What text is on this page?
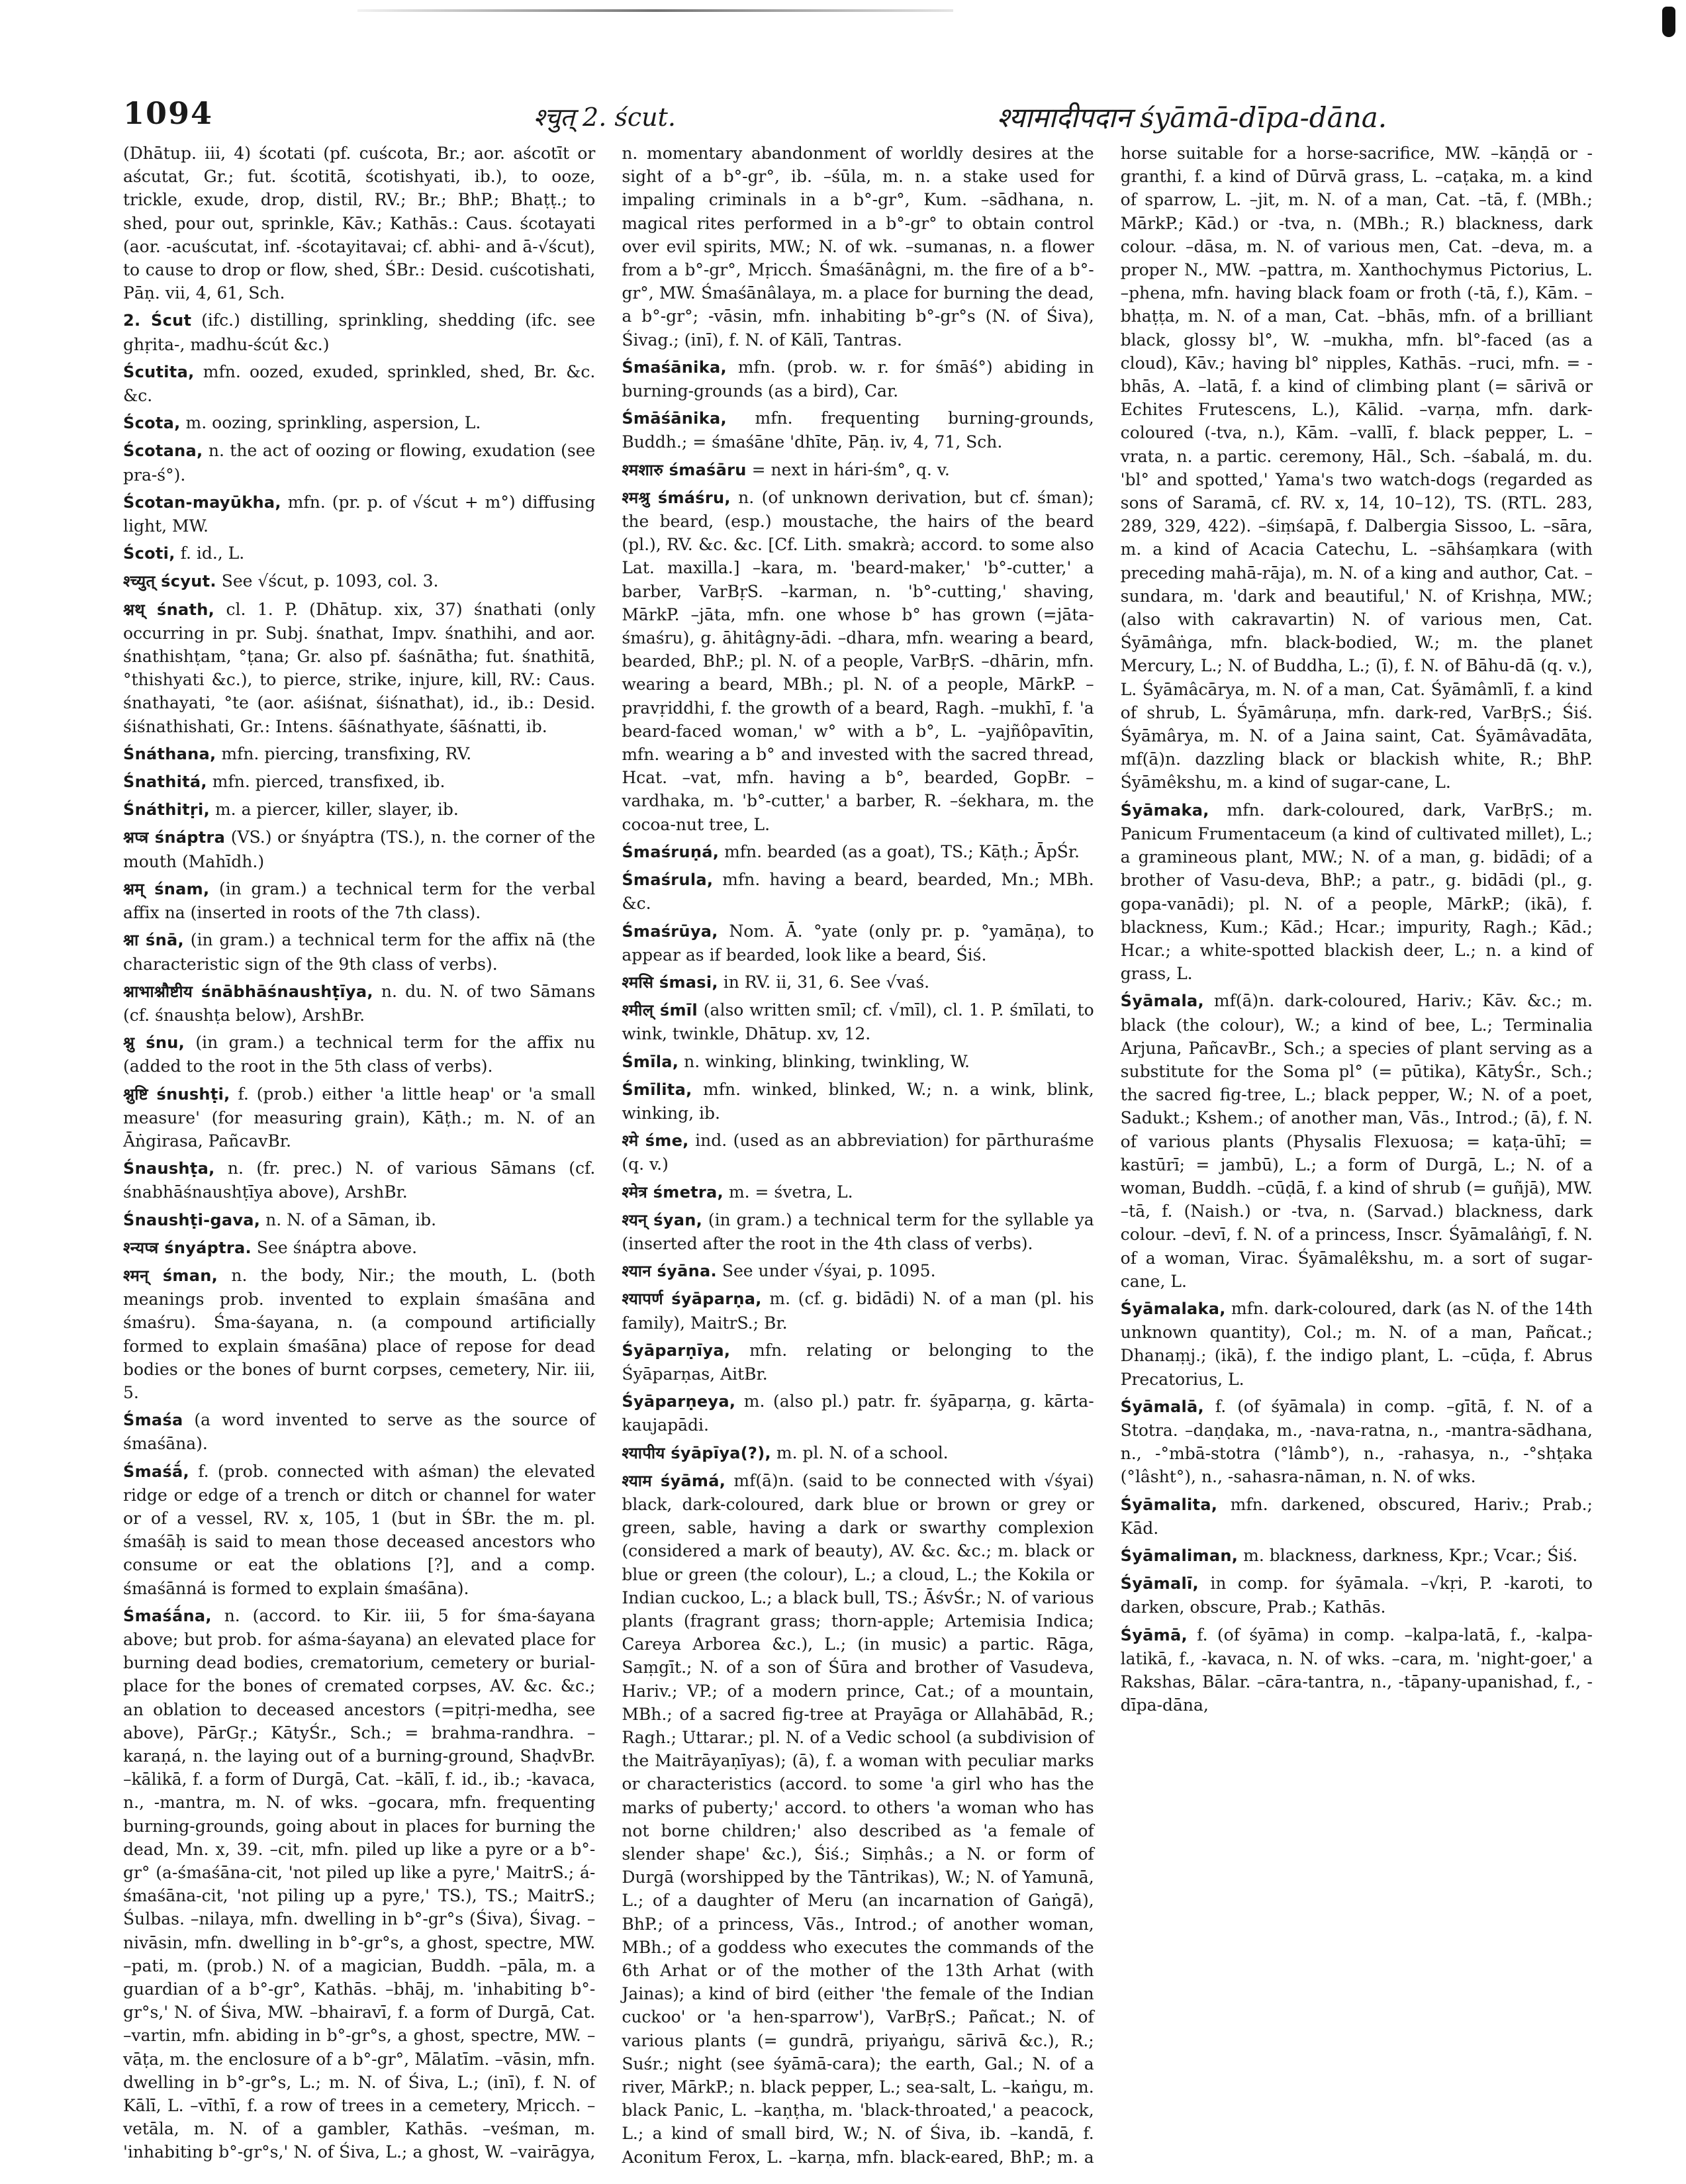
1094	श्चुत् 2. ścut.	श्यामादीपदान śyāmā-dīpa-dāna.

(Dhātup. iii, 4) ścotati (pf. cuścota, Br.; aor. aścotīt or aścutat, Gr.; fut. ścotitā, ścotishyati, ib.), to ooze, trickle, exude, drop, distil, RV.; Br.; BhP.; Bhaṭṭ.; to shed, pour out, sprinkle, Kāv.; Kathās.: Caus. ścotayati (aor. -acuścutat, inf. -ścotayitavai; cf. abhi- and ā-√ścut), to cause to drop or flow, shed, ŚBr.: Desid. cuścotishati, Pāṇ. vii, 4, 61, Sch.

2. Ścut (ifc.) distilling, sprinkling, shedding (ifc. see ghṛita-, madhu-ścút &c.)

Ścutita, mfn. oozed, exuded, sprinkled, shed, Br. &c. &c.

Ścota, m. oozing, sprinkling, aspersion, L.

Ścotana, n. the act of oozing or flowing, exudation (see pra-ś°).

Ścotan-mayūkha, mfn. (pr. p. of √ścut + m°) diffusing light, MW.

Ścoti, f. id., L.

श्च्युत् ścyut. See √ścut, p. 1093, col. 3.

श्नथ् śnath, cl. 1. P. (Dhātup. xix, 37) śnathati (only occurring in pr. Subj. śnathat, Impv. śnathihi, and aor. śnathishṭam, °ṭana; Gr. also pf. śaśnātha; fut. śnathitā, °thishyati &c.), to pierce, strike, injure, kill, RV.: Caus. śnathayati, °te (aor. aśiśnat, śiśnathat), id., ib.: Desid. śiśnathishati, Gr.: Intens. śāśnathyate, śāśnatti, ib.

Śnáthana, mfn. piercing, transfixing, RV.

Śnathitá, mfn. pierced, transfixed, ib.

Śnáthitṛi, m. a piercer, killer, slayer, ib.

श्नप्त्र śnáptra (VS.) or śnyáptra (TS.), n. the corner of the mouth (Mahīdh.)

श्नम् śnam, (in gram.) a technical term for the verbal affix na (inserted in roots of the 7th class).

श्ना śnā, (in gram.) a technical term for the affix nā (the characteristic sign of the 9th class of verbs).

श्नाभाश्नौष्टीय śnābhāśnaushṭīya, n. du. N. of two Sāmans (cf. śnaushṭa below), ArshBr.

श्नु śnu, (in gram.) a technical term for the affix nu (added to the root in the 5th class of verbs).

श्नुष्टि śnushṭi, f. (prob.) either 'a little heap' or 'a small measure' (for measuring grain), Kāṭh.; m. N. of an Āṅgirasa, PañcavBr.

Śnaushṭa, n. (fr. prec.) N. of various Sāmans (cf. śnabhāśnaushṭīya above), ArshBr.

Śnaushṭi-gava, n. N. of a Sāman, ib.

श्न्यप्त्र śnyáptra. See śnáptra above.

श्मन् śman, n. the body, Nir.; the mouth, L. (both meanings prob. invented to explain śmaśāna and śmaśru). Śma-śayana, n. (a compound artificially formed to explain śmaśāna) place of repose for dead bodies or the bones of burnt corpses, cemetery, Nir. iii, 5.

Śmaśa (a word invented to serve as the source of śmaśāna).

Śmaśā́, f. (prob. connected with aśman) the elevated ridge or edge of a trench or ditch or channel for water or of a vessel, RV. x, 105, 1 (but in ŚBr. the m. pl. śmaśāḥ is said to mean those deceased ancestors who consume or eat the oblations [?], and a comp. śmaśānná is formed to explain śmaśāna).

Śmaśā́na, n. (accord. to Kir. iii, 5 for śma-śayana above; but prob. for aśma-śayana) an elevated place for burning dead bodies, crematorium, cemetery or burial-place for the bones of cremated corpses, AV. &c. &c.; an oblation to deceased ancestors (=pitṛi-medha, see above), PārGṛ.; KātyŚr., Sch.; = brahma-randhra. –karaṇá, n. the laying out of a burning-ground, ShaḍvBr. –kālikā, f. a form of Durgā, Cat. –kālī, f. id., ib.; -kavaca, n., -mantra, m. N. of wks. –gocara, mfn. frequenting burning-grounds, going about in places for burning the dead, Mn. x, 39. –cit, mfn. piled up like a pyre or a b°-gr° (a-śmaśāna-cit, 'not piled up like a pyre,' MaitrS.; á-śmaśāna-cit, 'not piling up a pyre,' TS.), TS.; MaitrS.; Śulbas. –nilaya, mfn. dwelling in b°-gr°s (Śiva), Śivag. –nivāsin, mfn. dwelling in b°-gr°s, a ghost, spectre, MW. –pati, m. (prob.) N. of a magician, Buddh. –pāla, m. a guardian of a b°-gr°, Kathās. –bhāj, m. 'inhabiting b°-gr°s,' N. of Śiva, MW. –bhairavī, f. a form of Durgā, Cat. –vartin, mfn. abiding in b°-gr°s, a ghost, spectre, MW. –vāṭa, m. the enclosure of a b°-gr°, Mālatīm. –vāsin, mfn. dwelling in b°-gr°s, L.; m. N. of Śiva, L.; (inī), f. N. of Kālī, L. –vīthī, f. a row of trees in a cemetery, Mṛicch. –vetāla, m. N. of a gambler, Kathās. –veśman, m. 'inhabiting b°-gr°s,' N. of Śiva, L.; a ghost, W. –vairāgya, n. momentary abandonment of worldly desires at the sight of a b°-gr°, ib. –śūla, m. n. a stake used for impaling criminals in a b°-gr°, Kum. –sādhana, n. magical rites performed in a b°-gr° to obtain control over evil spirits, MW.; N. of wk. –sumanas, n. a flower from a b°-gr°, Mṛicch. Śmaśānâgni, m. the fire of a b°-gr°, MW. Śmaśānâlaya, m. a place for burning the dead, a b°-gr°; -vāsin, mfn. inhabiting b°-gr°s (N. of Śiva), Śivag.; (inī), f. N. of Kālī, Tantras.

Śmaśānika, mfn. (prob. w. r. for śmāś°) abiding in burning-grounds (as a bird), Car.

Śmāśānika, mfn. frequenting burning-grounds, Buddh.; = śmaśāne 'dhīte, Pāṇ. iv, 4, 71, Sch.

श्मशारु śmaśāru = next in hári-śm°, q. v.

श्मश्रु śmáśru, n. (of unknown derivation, but cf. śman); the beard, (esp.) moustache, the hairs of the beard (pl.), RV. &c. &c. [Cf. Lith. smakrà; accord. to some also Lat. maxilla.] –kara, m. 'beard-maker,' 'b°-cutter,' a barber, VarBṛS. –karman, n. 'b°-cutting,' shaving, MārkP. –jāta, mfn. one whose b° has grown (=jāta-śmaśru), g. āhitâgny-ādi. –dhara, mfn. wearing a beard, bearded, BhP.; pl. N. of a people, VarBṛS. –dhārin, mfn. wearing a beard, MBh.; pl. N. of a people, MārkP. –pravṛiddhi, f. the growth of a beard, Ragh. –mukhī, f. 'a beard-faced woman,' w° with a b°, L. –yajñôpavītin, mfn. wearing a b° and invested with the sacred thread, Hcat. –vat, mfn. having a b°, bearded, GopBr. –vardhaka, m. 'b°-cutter,' a barber, R. –śekhara, m. the cocoa-nut tree, L.

Śmaśruṇá, mfn. bearded (as a goat), TS.; Kāṭh.; ĀpŚr.

Śmaśrula, mfn. having a beard, bearded, Mn.; MBh. &c.

Śmaśrūya, Nom. Ā. °yate (only pr. p. °yamāṇa), to appear as if bearded, look like a beard, Śiś.

श्मसि śmasi, in RV. ii, 31, 6. See √vaś.

श्मील् śmīl (also written smīl; cf. √mīl), cl. 1. P. śmīlati, to wink, twinkle, Dhātup. xv, 12.

Śmīla, n. winking, blinking, twinkling, W.

Śmīlita, mfn. winked, blinked, W.; n. a wink, blink, winking, ib.

श्मे śme, ind. (used as an abbreviation) for pārthuraśme (q. v.)

श्मेत्र śmetra, m. = śvetra, L.

श्यन् śyan, (in gram.) a technical term for the syllable ya (inserted after the root in the 4th class of verbs).

श्यान śyāna. See under √śyai, p. 1095.

श्यापर्ण śyāparṇa, m. (cf. g. bidādi) N. of a man (pl. his family), MaitrS.; Br.

Śyāparṇīya, mfn. relating or belonging to the Śyāparṇas, AitBr.

Śyāparṇeya, m. (also pl.) patr. fr. śyāparṇa, g. kārta-kaujapādi.

श्यापीय śyāpīya(?), m. pl. N. of a school.

श्याम śyāmá, mf(ā)n. (said to be connected with √śyai) black, dark-coloured, dark blue or brown or grey or green, sable, having a dark or swarthy complexion (considered a mark of beauty), AV. &c. &c.; m. black or blue or green (the colour), L.; a cloud, L.; the Kokila or Indian cuckoo, L.; a black bull, TS.; ĀśvŚr.; N. of various plants (fragrant grass; thorn-apple; Artemisia Indica; Careya Arborea &c.), L.; (in music) a partic. Rāga, Saṃgīt.; N. of a son of Śūra and brother of Vasudeva, Hariv.; VP.; of a modern prince, Cat.; of a mountain, MBh.; of a sacred fig-tree at Prayāga or Allahābād, R.; Ragh.; Uttarar.; pl. N. of a Vedic school (a subdivision of the Maitrāyaṇīyas); (ā), f. a woman with peculiar marks or characteristics (accord. to some 'a girl who has the marks of puberty;' accord. to others 'a woman who has not borne children;' also described as 'a female of slender shape' &c.), Śiś.; Siṃhâs.; a N. or form of Durgā (worshipped by the Tāntrikas), W.; N. of Yamunā, L.; of a daughter of Meru (an incarnation of Gaṅgā), BhP.; of a princess, Vās., Introd.; of another woman, MBh.; of a goddess who executes the commands of the 6th Arhat or of the mother of the 13th Arhat (with Jainas); a kind of bird (either 'the female of the Indian cuckoo' or 'a hen-sparrow'), VarBṛS.; Pañcat.; N. of various plants (= gundrā, priyaṅgu, sārivā &c.), R.; Suśr.; night (see śyāmā-cara); the earth, Gal.; N. of a river, MārkP.; n. black pepper, L.; sea-salt, L. –kaṅgu, m. black Panic, L. –kaṇṭha, m. 'black-throated,' a peacock, L.; a kind of small bird, W.; N. of Śiva, ib. –kandā, f. Aconitum Ferox, L. –karṇa, mfn. black-eared, BhP.; m. a horse suitable for a horse-sacrifice, MW. –kāṇḍā or -granthi, f. a kind of Dūrvā grass, L. –caṭaka, m. a kind of sparrow, L. –jit, m. N. of a man, Cat. –tā, f. (MBh.; MārkP.; Kād.) or -tva, n. (MBh.; R.) blackness, dark colour. –dāsa, m. N. of various men, Cat. –deva, m. a proper N., MW. –pattra, m. Xanthochymus Pictorius, L. –phena, mfn. having black foam or froth (-tā, f.), Kām. –bhaṭṭa, m. N. of a man, Cat. –bhās, mfn. of a brilliant black, glossy bl°, W. –mukha, mfn. bl°-faced (as a cloud), Kāv.; having bl° nipples, Kathās. –ruci, mfn. = -bhās, A. –latā, f. a kind of climbing plant (= sārivā or Echites Frutescens, L.), Kālid. –varṇa, mfn. dark-coloured (-tva, n.), Kām. –vallī, f. black pepper, L. –vrata, n. a partic. ceremony, Hāl., Sch. –śabalá, m. du. 'bl° and spotted,' Yama's two watch-dogs (regarded as sons of Saramā, cf. RV. x, 14, 10–12), TS. (RTL. 283, 289, 329, 422). –śiṃśapā, f. Dalbergia Sissoo, L. –sāra, m. a kind of Acacia Catechu, L. –sāhśaṃkara (with preceding mahā-rāja), m. N. of a king and author, Cat. –sundara, m. 'dark and beautiful,' N. of Krishṇa, MW.; (also with cakravartin) N. of various men, Cat. Śyāmâṅga, mfn. black-bodied, W.; m. the planet Mercury, L.; N. of Buddha, L.; (ī), f. N. of Bāhu-dā (q. v.), L. Śyāmâcārya, m. N. of a man, Cat. Śyāmâmlī, f. a kind of shrub, L. Śyāmâruṇa, mfn. dark-red, VarBṛS.; Śiś. Śyāmârya, m. N. of a Jaina saint, Cat. Śyāmâvadāta, mf(ā)n. dazzling black or blackish white, R.; BhP. Śyāmêkshu, m. a kind of sugar-cane, L.

Śyāmaka, mfn. dark-coloured, dark, VarBṛS.; m. Panicum Frumentaceum (a kind of cultivated millet), L.; a gramineous plant, MW.; N. of a man, g. bidādi; of a brother of Vasu-deva, BhP.; a patr., g. bidādi (pl., g. gopa-vanādi); pl. N. of a people, MārkP.; (ikā), f. blackness, Kum.; Kād.; Hcar.; impurity, Ragh.; Kād.; Hcar.; a white-spotted blackish deer, L.; n. a kind of grass, L.

Śyāmala, mf(ā)n. dark-coloured, Hariv.; Kāv. &c.; m. black (the colour), W.; a kind of bee, L.; Terminalia Arjuna, PañcavBr., Sch.; a species of plant serving as a substitute for the Soma pl° (= pūtika), KātyŚr., Sch.; the sacred fig-tree, L.; black pepper, W.; N. of a poet, Sadukt.; Kshem.; of another man, Vās., Introd.; (ā), f. N. of various plants (Physalis Flexuosa; = kaṭa-ūhī; = kastūrī; = jambū), L.; a form of Durgā, L.; N. of a woman, Buddh. –cūḍā, f. a kind of shrub (= guñjā), MW. –tā, f. (Naish.) or -tva, n. (Sarvad.) blackness, dark colour. –devī, f. N. of a princess, Inscr. Śyāmalâṅgī, f. N. of a woman, Virac. Śyāmalêkshu, m. a sort of sugar-cane, L.

Śyāmalaka, mfn. dark-coloured, dark (as N. of the 14th unknown quantity), Col.; m. N. of a man, Pañcat.; Dhanaṃj.; (ikā), f. the indigo plant, L. –cūḍa, f. Abrus Precatorius, L.

Śyāmalā, f. (of śyāmala) in comp. –gītā, f. N. of a Stotra. –daṇḍaka, m., -nava-ratna, n., -mantra-sādhana, n., -°mbā-stotra (°lâmb°), n., -rahasya, n., -°shṭaka (°lâsht°), n., -sahasra-nāman, n. N. of wks.

Śyāmalita, mfn. darkened, obscured, Hariv.; Prab.; Kād.

Śyāmaliman, m. blackness, darkness, Kpr.; Vcar.; Śiś.

Śyāmalī, in comp. for śyāmala. –√kṛi, P. -karoti, to darken, obscure, Prab.; Kathās.

Śyāmā, f. (of śyāma) in comp. –kalpa-latā, f., -kalpa-latikā, f., -kavaca, n. N. of wks. –cara, m. 'night-goer,' a Rakshas, Bālar. –cāra-tantra, n., -tāpany-upanishad, f., -dīpa-dāna,
